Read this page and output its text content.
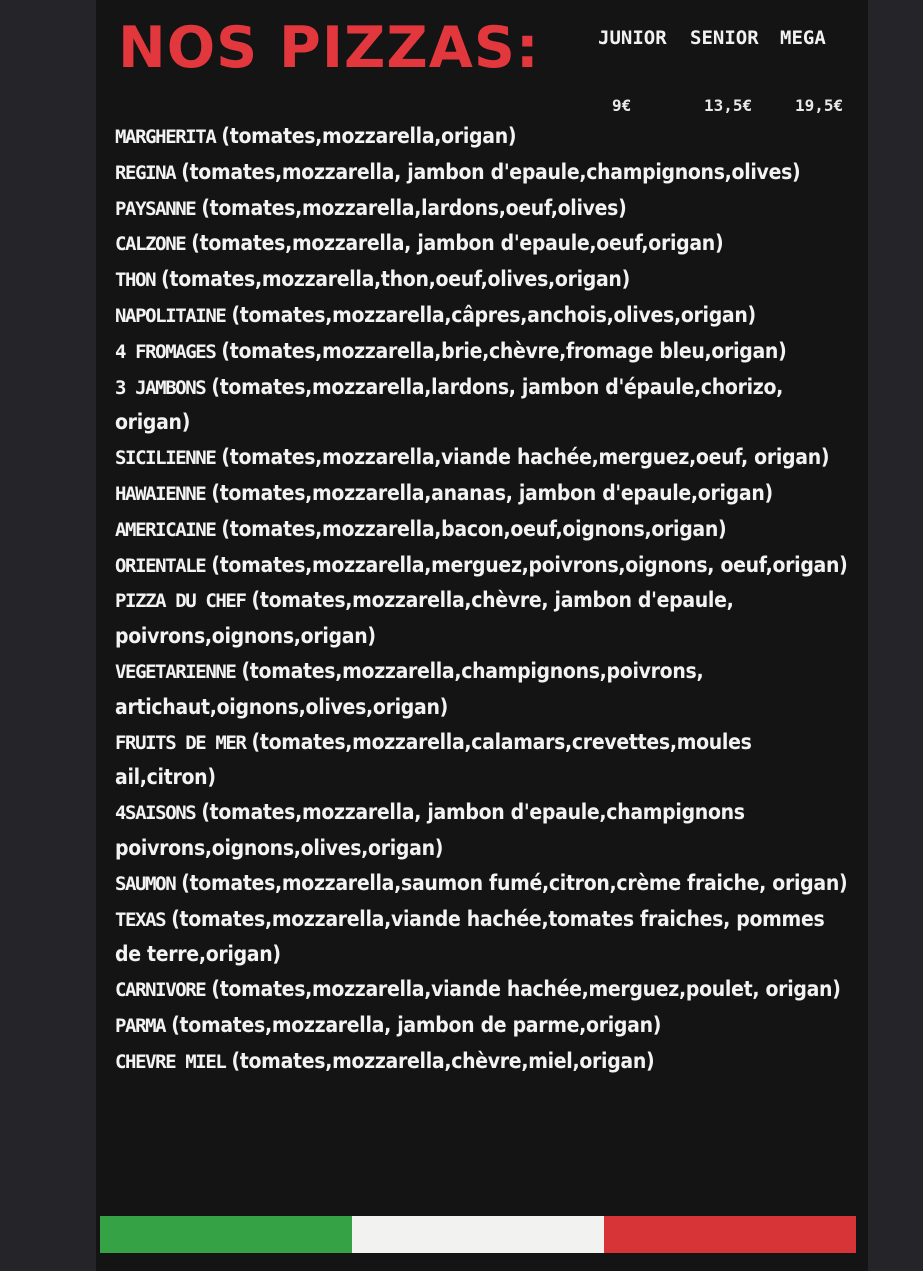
NOS PIZZAS:	JUNIOR SENIOR MEGA
9€	13,5€	19,5€
MARGHERITA (tomates,mozzarella,origan)
REGINA (tomates,mozzarella, jambon d'epaule,champignons,olives)
PAYSANNE (tomates,mozzarella,lardons,oeuf,olives)
CALZONE (tomates,mozzarella, jambon d'epaule,oeuf,origan)
THON (tomates,mozzarella,thon,oeuf,olives,origan)
NAPOLITAINE (tomates,mozzarella,câpres,anchois,olives,origan)
4 FROMAGES (tomates,mozzarella,brie,chèvre,fromage bleu,origan)
3 JAMBONS (tomates,mozzarella,lardons, jambon d'épaule,chorizo, origan)
SICILIENNE (tomates,mozzarella,viande hachée,merguez,oeuf, origan)
HAWAIENNE (tomates,mozzarella,ananas, jambon d'epaule,origan)
AMERICAINE (tomates,mozzarella,bacon,oeuf,oignons,origan)
ORIENTALE (tomates,mozzarella,merguez,poivrons,oignons, oeuf,origan)
PIZZA DU CHEF (tomates,mozzarella,chèvre, jambon d'epaule, poivrons,oignons,origan)
VEGETARIENNE (tomates,mozzarella,champignons,poivrons, artichaut,oignons,olives,origan)
FRUITS DE MER (tomates,mozzarella,calamars,crevettes,moules ail,citron)
4SAISONS (tomates,mozzarella, jambon d'epaule,champignons poivrons,oignons,olives,origan)
SAUMON (tomates,mozzarella,saumon fumé,citron,crème fraiche, origan)
TEXAS (tomates,mozzarella,viande hachée,tomates fraiches, pommes de terre,origan)
CARNIVORE (tomates,mozzarella,viande hachée,merguez,poulet, origan)
PARMA (tomates,mozzarella, jambon de parme,origan)
CHEVRE MIEL (tomates,mozzarella,chèvre,miel,origan)
